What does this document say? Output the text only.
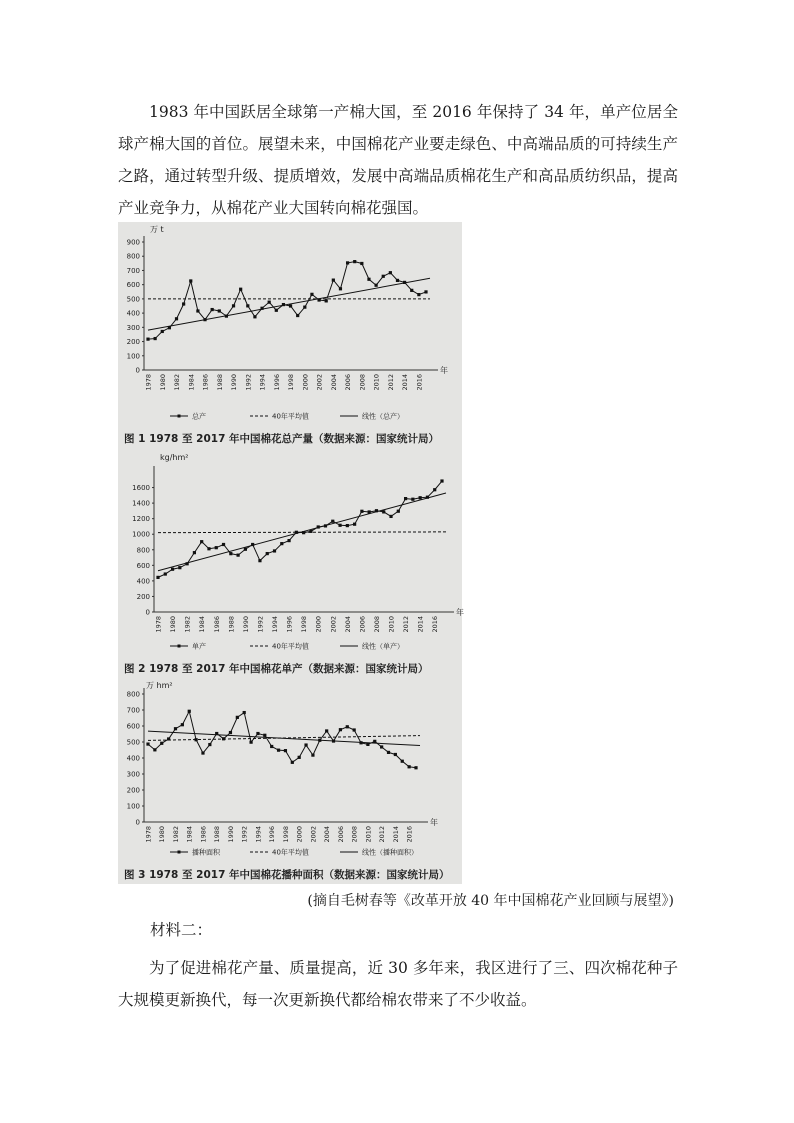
1983 年中国跃居全球第一产棉大国，至 2016 年保持了 34 年，单产位居全球产棉大国的首位。展望未来，中国棉花产业要走绿色、中高端品质的可持续生产之路，通过转型升级、提质增效，发展中高端品质棉花生产和高品质纺织品，提高产业竞争力，从棉花产业大国转向棉花强国。

0
100
200
300
400
500
600
700
800
900
1978 1980 1982 1984 1986 1988 1990 1992 1994 1996 1998 2000 2002 2004 2006 2008 2010 2012 2014 2016
万 t
年
总产	40年平均值	线性（总产）
图 1 1978 至 2017 年中国棉花总产量（数据来源：国家统计局）
0
200
400
600
800
1000
1200
1400
1600
1978 1980 1982 1984 1986 1988 1990 1992 1994 1996 1998 2000 2002 2004 2006 2008 2010 2012 2014 2016
kg/hm²
年
单产	40年平均值	线性（单产）
图 2 1978 至 2017 年中国棉花单产（数据来源：国家统计局）
0
100
200
300
400
500
600
700
800
1978 1980 1982 1984 1986 1988 1990 1992 1994 1996 1998 2000 2002 2004 2006 2008 2010 2012 2014 2016
万 hm²
年
播种面积	40年平均值	线性（播种面积）
图 3 1978 至 2017 年中国棉花播种面积（数据来源：国家统计局）
(摘自毛树春等《改革开放 40 年中国棉花产业回顾与展望》)
材料二：

为了促进棉花产量、质量提高，近 30 多年来，我区进行了三、四次棉花种子大规模更新换代，每一次更新换代都给棉农带来了不少收益。
